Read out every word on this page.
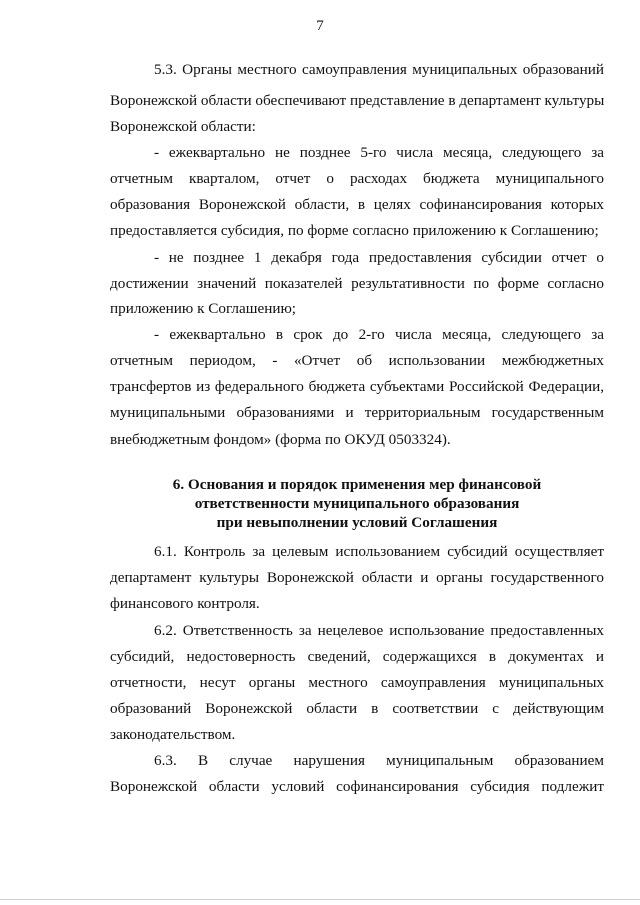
7
5.3. Органы местного самоуправления муниципальных образований
Воронежской области обеспечивают представление в департамент культуры
Воронежской области:
- ежеквартально не позднее 5-го числа месяца, следующего за
отчетным кварталом, отчет о расходах бюджета муниципального
образования Воронежской области, в целях софинансирования которых
предоставляется субсидия, по форме согласно приложению к Соглашению;
- не позднее 1 декабря года предоставления субсидии отчет о
достижении значений показателей результативности по форме согласно
приложению к Соглашению;
- ежеквартально в срок до 2-го числа месяца, следующего за
отчетным периодом, - «Отчет об использовании межбюджетных
трансфертов из федерального бюджета субъектами Российской Федерации,
муниципальными образованиями и территориальным государственным
внебюджетным фондом» (форма по ОКУД 0503324).
6. Основания и порядок применения мер финансовой
ответственности муниципального образования
при невыполнении условий Соглашения
6.1. Контроль за целевым использованием субсидий осуществляет
департамент культуры Воронежской области и органы государственного
финансового контроля.
6.2. Ответственность за нецелевое использование предоставленных
субсидий, недостоверность сведений, содержащихся в документах и
отчетности, несут органы местного самоуправления муниципальных
образований Воронежской области в соответствии с действующим
законодательством.
6.3. В случае нарушения муниципальным образованием
Воронежской области условий софинансирования субсидия подлежит
